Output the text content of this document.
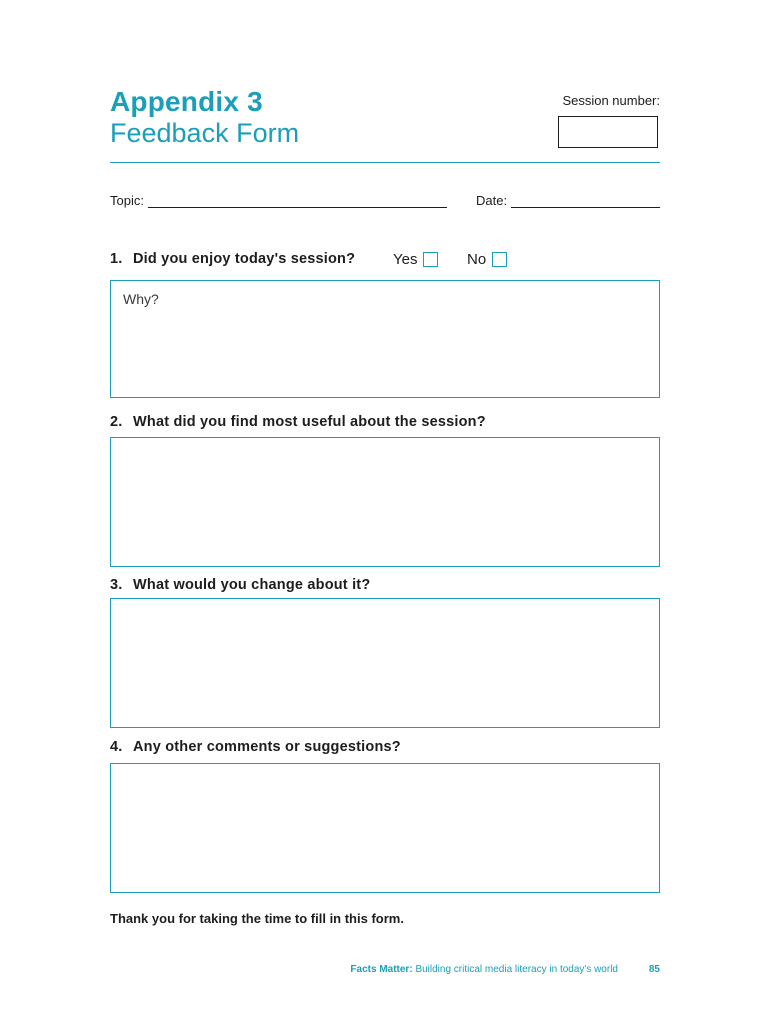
Appendix 3
Feedback Form
Session number:
Topic:	Date:
1. Did you enjoy today's session?	Yes	No
Why?
2. What did you find most useful about the session?
3. What would you change about it?
4. Any other comments or suggestions?
Thank you for taking the time to fill in this form.
Facts Matter: Building critical media literacy in today's world	85
